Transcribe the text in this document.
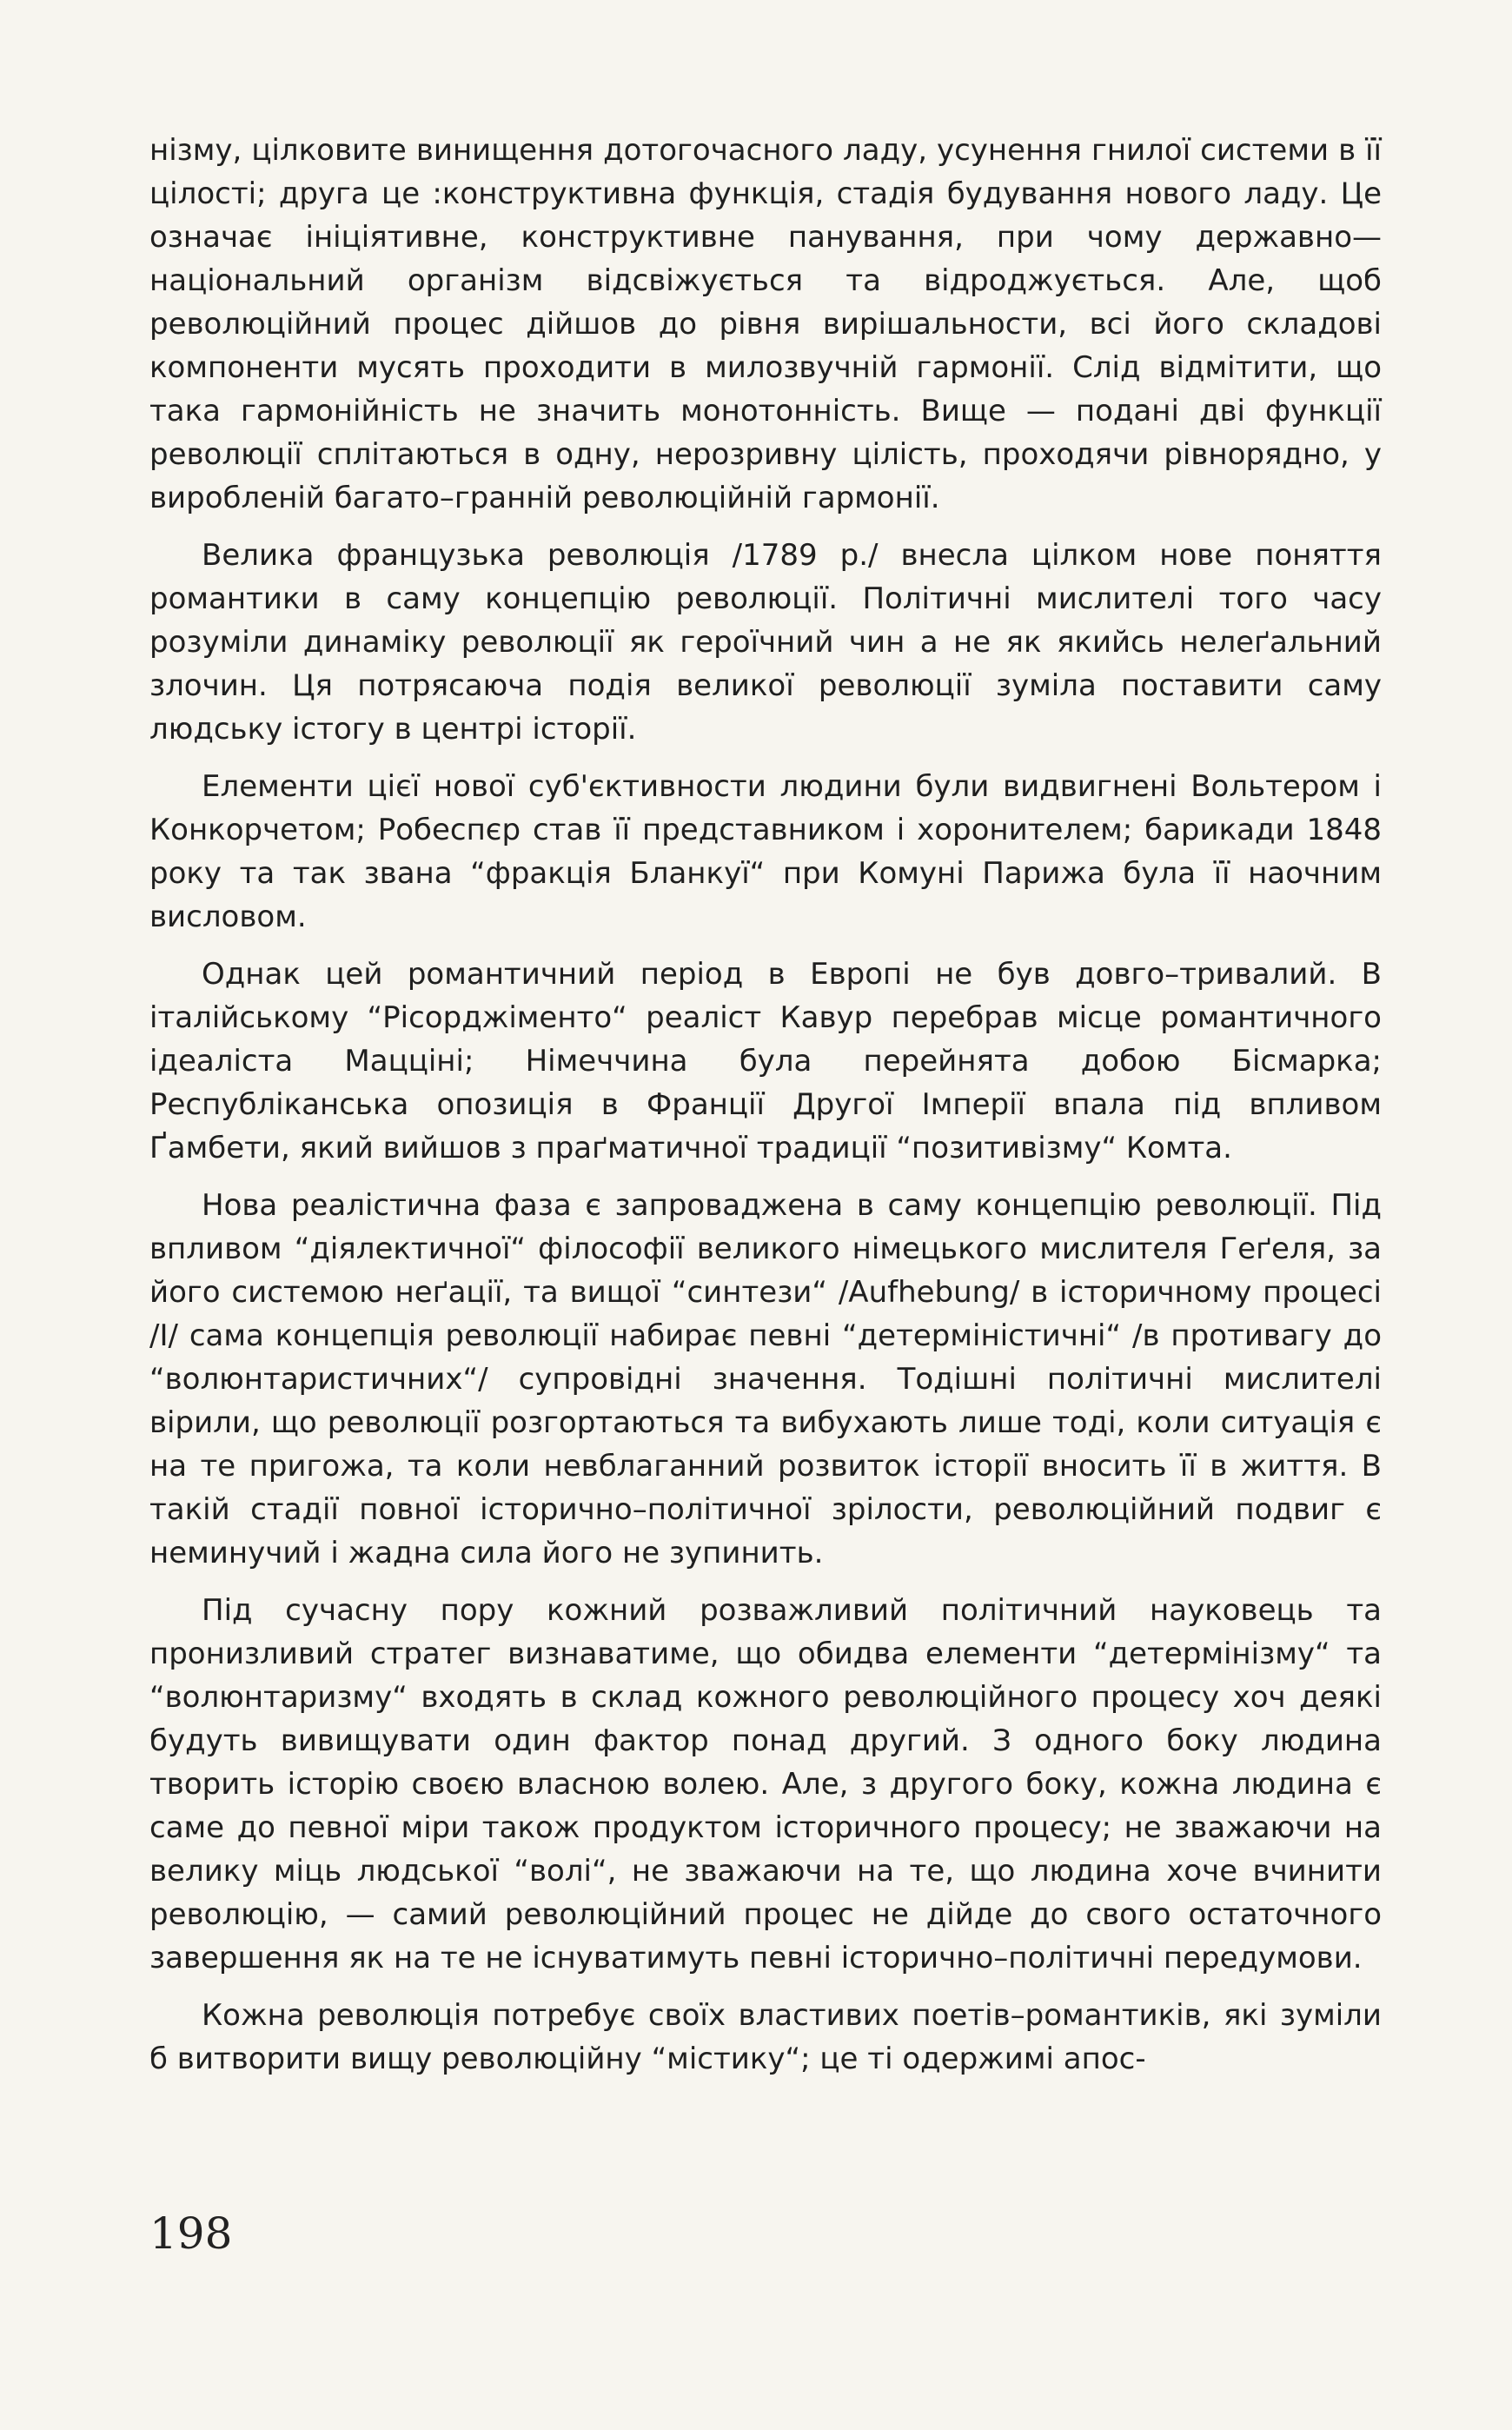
нізму, цілковите винищення дотогочасного ладу, усунення гнилої системи в її цілості; друга це :конструктивна функція, стадія будування нового ладу. Це означає ініціятивне, конструктивне панування, при чому державно—національний організм відсвіжується та відроджується. Але, щоб революційний процес дійшов до рівня вирішальности, всі його складові компоненти мусять проходити в милозвучній гармонії. Слід відмітити, що така гармонійність не значить монотонність. Вище — подані дві функції революції сплітаються в одну, нерозривну цілість, проходячи рівнорядно, у виробленій багато–гранній революційній гармонії.

Велика французька революція /1789 р./ внесла цілком нове поняття романтики в саму концепцію революції. Політичні мислителі того часу розуміли динаміку революції як героїчний чин а не як якийсь нелеґальний злочин. Ця потрясаюча подія великої революції зуміла поставити саму людську істогу в центрі історії.

Елементи цієї нової суб'єктивности людини були видвигнені Вольтером і Конкорчетом; Робеспєр став її представником і хоронителем; барикади 1848 року та так звана “фракція Бланкуї“ при Комуні Парижа була її наочним висловом.

Однак цей романтичний період в Европі не був довго–тривалий. В італійському “Рісорджіменто“ реаліст Кавур перебрав місце романтичного ідеаліста Мацціні; Німеччина була перейнята добою Бісмарка; Республіканська опозиція в Франції Другої Імперії впала під впливом Ґамбети, який вийшов з праґматичної традиції “позитивізму“ Комта.

Нова реалістична фаза є запроваджена в саму концепцію революції. Під впливом “діялектичної“ філософії великого німецького мислителя Геґеля, за його системою неґації, та вищої “синтези“ /Aufhebung/ в історичному процесі /I/ сама концепція революції набирає певні “детерміністичні“ /в противагу до “волюнтаристичних“/ супровідні значення. Тодішні політичні мислителі вірили, що революції розгортаються та вибухають лише тоді, коли ситуація є на те пригожа, та коли невблаганний розвиток історії вносить її в життя. В такій стадії повної історично–політичної зрілости, революційний подвиг є неминучий і жадна сила його не зупинить.

Під сучасну пору кожний розважливий політичний науковець та пронизливий стратег визнаватиме, що обидва елементи “детермінізму“ та “волюнтаризму“ входять в склад кожного революційного процесу хоч деякі будуть вивищувати один фактор понад другий. З одного боку людина творить історію своєю власною волею. Але, з другого боку, кожна людина є саме до певної міри також продуктом історичного процесу; не зважаючи на велику міць людської “волі“, не зважаючи на те, що людина хоче вчинити революцію, — самий революційний процес не дійде до свого остаточного завершення як на те не існуватимуть певні історично–політичні передумови.

Кожна революція потребує своїх властивих поетів–романтиків, які зуміли б витворити вищу революційну “містику“; це ті одержимі апос-

198
